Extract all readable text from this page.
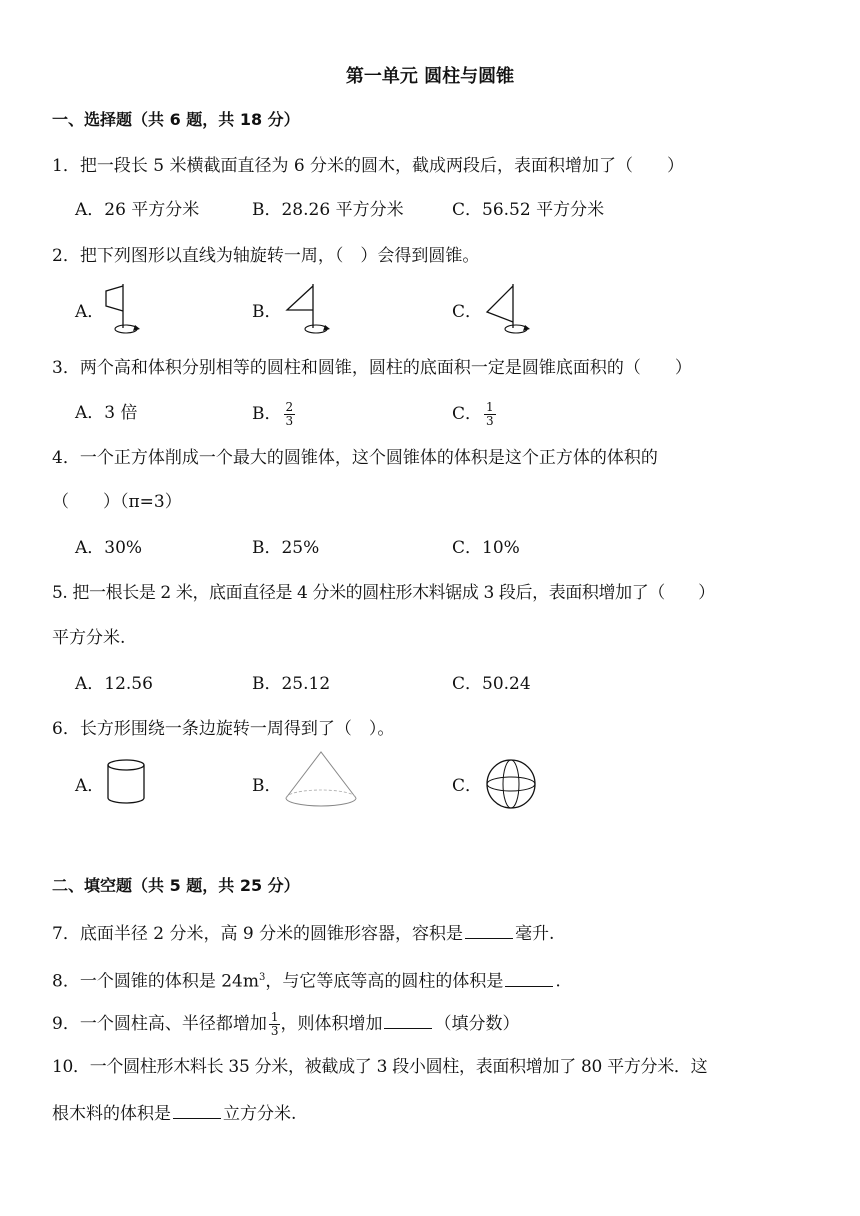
第一单元 圆柱与圆锥
一、选择题（共 6 题，共 18 分）
1．把一段长 5 米横截面直径为 6 分米的圆木，截成两段后，表面积增加了（　　）
A．26 平方分米	B．28.26 平方分米	C．56.52 平方分米
2．把下列图形以直线为轴旋转一周，（　）会得到圆锥。
A．	B．	C．
3．两个高和体积分别相等的圆柱和圆锥，圆柱的底面积一定是圆锥底面积的（　　）
A．3 倍	B． $\frac{2}{3}$	C． $\frac{1}{3}$
4．一个正方体削成一个最大的圆锥体，这个圆锥体的体积是这个正方体的体积的
（　　）（π=3）
A．30%	B．25%	C．10%
5. 把一根长是 2 米，底面直径是 4 分米的圆柱形木料锯成 3 段后，表面积增加了（　　）
平方分米.
A．12.56	B．25.12	C．50.24
6．长方形围绕一条边旋转一周得到了（　）。
A．	B．	C．
二、填空题（共 5 题，共 25 分）
7．底面半径 2 分米，高 9 分米的圆锥形容器，容积是	毫升.
8．一个圆锥的体积是 $24m^3$，与它等底等高的圆柱的体积是	.
9．一个圆柱高、半径都增加 $\frac{1}{3}$ ，则体积增加	（填分数）
10．一个圆柱形木料长 35 分米，被截成了 3 段小圆柱，表面积增加了 80 平方分米．这
根木料的体积是	立方分米.
